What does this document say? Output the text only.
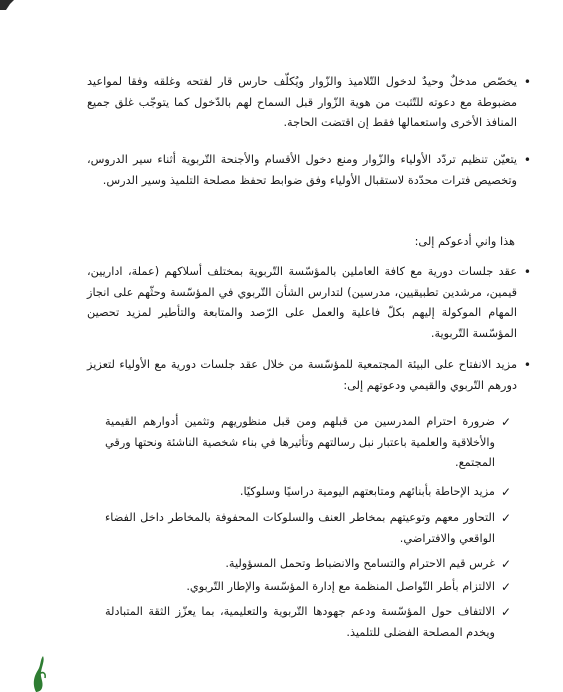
•
يخصّص مدخلٌ وحيدٌ لدخول التّلاميذ والزّوار ويُكلّف حارس قار لفتحه وغلقه وفقا لمواعيد مضبوطة مع دعوته للتّثبت من هوية الزّوار قبل السماح لهم بالدّخول كما يتوجّب غلق جميع المنافذ الأخرى واستعمالها فقط إن اقتضت الحاجة.
•
يتعيّن تنظيم تردّد الأولياء والزّوار ومنع دخول الأقسام والأجنحة التّربوية أثناء سير الدروس، وتخصيص فترات محدّدة لاستقبال الأولياء وفق ضوابط تحفظ مصلحة التلميذ وسير الدرس.
هذا واني أدعوكم إلى:
•
عقد جلسات دورية مع كافة العاملين بالمؤسّسة التّربوية بمختلف أسلاكهم (عملة، اداريين، قيمين، مرشدين تطبيقيين، مدرسين) لتدارس الشأن التّربوي في المؤسّسة وحثّهم على انجاز المهام الموكولة إليهم بكلّ فاعلية والعمل على الرّصد والمتابعة والتأطير لمزيد تحصين المؤسّسة التّربوية.
•
مزيد الانفتاح على البيئة المجتمعية للمؤسّسة من خلال عقد جلسات دورية مع الأولياء لتعزيز دورهم التّربوي والقيمي ودعوتهم إلى:
✓
ضرورة احترام المدرسين من قبلهم ومن قبل منظوريهم وتثمين أدوارهم القيمية والأخلاقية والعلمية باعتبار نبل رسالتهم وتأثيرها في بناء شخصية الناشئة ونحتها ورقي المجتمع.
✓
مزيد الإحاطة بأبنائهم ومتابعتهم اليومية دراسيًا وسلوكيًا.
✓
التحاور معهم وتوعيتهم بمخاطر العنف والسلوكات المحفوفة بالمخاطر داخل الفضاء الواقعي والافتراضي.
✓
غرس قيم الاحترام والتسامح والانضباط وتحمل المسؤولية.
✓
الالتزام بأطر التّواصل المنظمة مع إدارة المؤسّسة والإطار التّربوي.
✓
الالتفاف حول المؤسّسة ودعم جهودها التّربوية والتعليمية، بما يعزّز الثقة المتبادلة ويخدم المصلحة الفضلى للتلميذ.
